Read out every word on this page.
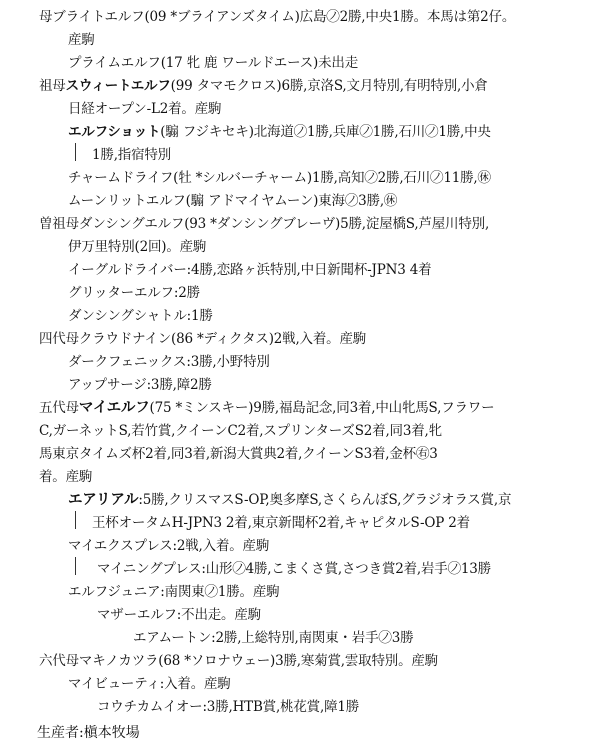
母ブライトエルフ(09 *ブライアンズタイム)広島㋨2勝,中央1勝。本馬は第2仔。
産駒
プライムエルフ(17 牝 鹿 ワールドエース)未出走
祖母スウィートエルフ(99 タマモクロス)6勝,京洛S,文月特別,有明特別,小倉
日経オープン-L2着。産駒
エルフショット(騸 フジキセキ)北海道㋨1勝,兵庫㋨1勝,石川㋨1勝,中央
1勝,指宿特別
チャームドライフ(牡 *シルバーチャーム)1勝,高知㋨2勝,石川㋨11勝,㊡
ムーンリットエルフ(騸 アドマイヤムーン)東海㋨3勝,㊡
曽祖母ダンシングエルフ(93 *ダンシングブレーヴ)5勝,淀屋橋S,芦屋川特別,
伊万里特別(2回)。産駒
イーグルドライバー:4勝,恋路ヶ浜特別,中日新聞杯-JPN3 4着
グリッターエルフ:2勝
ダンシングシャトル:1勝
四代母クラウドナイン(86 *ディクタス)2戦,入着。産駒
ダークフェニックス:3勝,小野特別
アップサージ:3勝,障2勝
五代母マイエルフ(75 *ミンスキー)9勝,福島記念,同3着,中山牝馬S,フラワー
C,ガーネットS,若竹賞,クイーンC2着,スプリンターズS2着,同3着,牝
馬東京タイムズ杯2着,同3着,新潟大賞典2着,クイーンS3着,金杯㊨3
着。産駒
エアリアル:5勝,クリスマスS-OP,奥多摩S,さくらんぼS,グラジオラス賞,京
王杯オータムH-JPN3 2着,東京新聞杯2着,キャピタルS-OP 2着
マイエクスプレス:2戦,入着。産駒
マイニングプレス:山形㋨4勝,こまくさ賞,さつき賞2着,岩手㋨13勝
エルフジュニア:南関東㋨1勝。産駒
マザーエルフ:不出走。産駒
エアムートン:2勝,上総特別,南関東・岩手㋨3勝
六代母マキノカツラ(68 *ソロナウェー)3勝,寒菊賞,雲取特別。産駒
マイビューティ:入着。産駒
コウチカムイオー:3勝,HTB賞,桃花賞,障1勝
生産者:槇本牧場
